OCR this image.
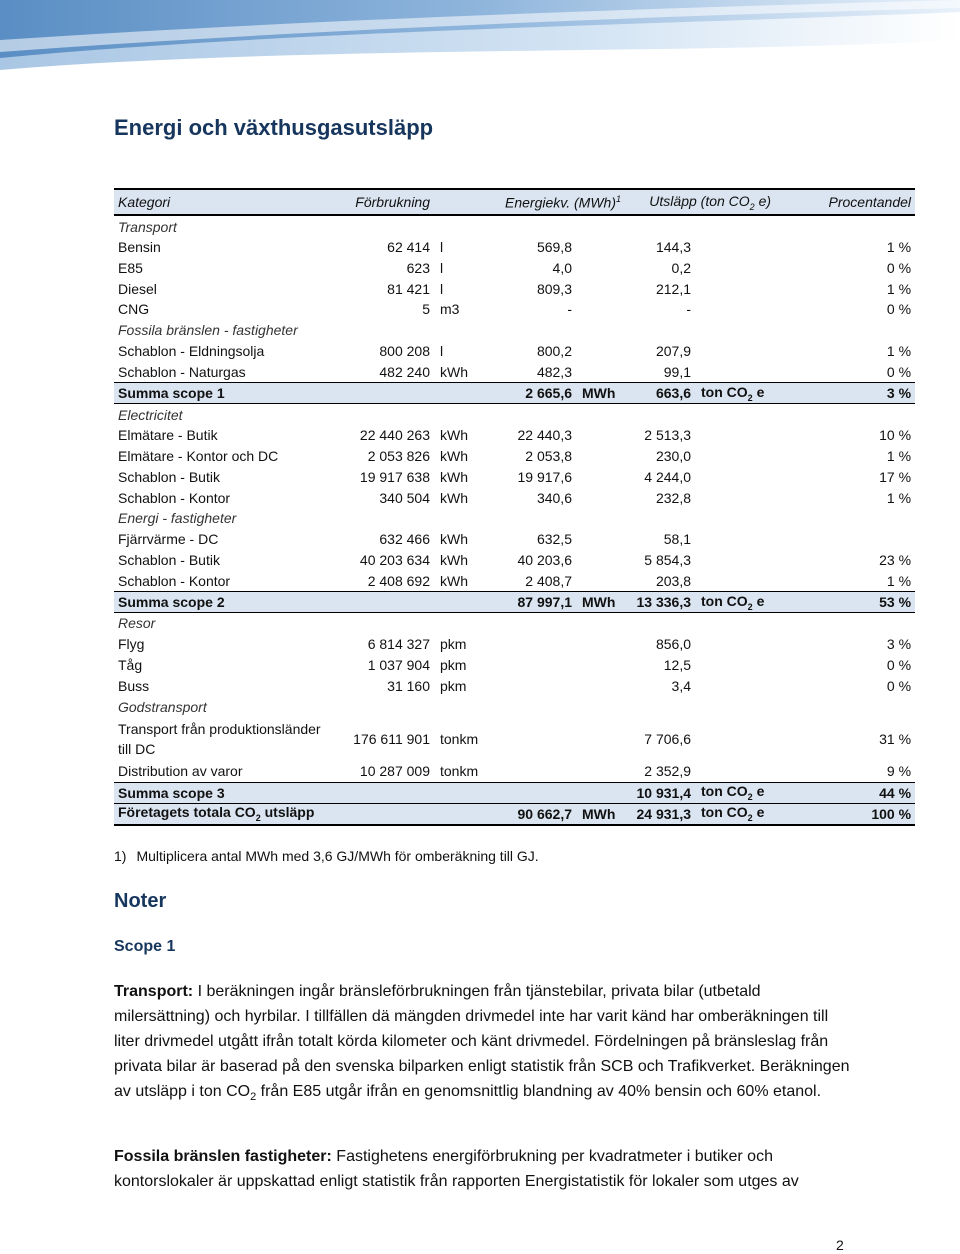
Energi och växthusgasutsläpp
Kategori	Förbrukning	Energiekv. (MWh)$^1$			Utsläpp (ton $CO_2$ e)		Procentandel
Transport							
Bensin	62 414	l	569,8		144,3		1 %
E85	623	l	4,0		0,2		0 %
Diesel	81 421	l	809,3		212,1		1 %
CNG	5	m3	-		-		0 %
Fossila bränslen - fastigheter							
Schablon - Eldningsolja	800 208	l	800,2		207,9		1 %
Schablon - Naturgas	482 240	kWh	482,3		99,1		0 %
Summa scope 1			2 665,6	MWh	663,6	ton $CO_2$ e	3 %
Electricitet							
Elmätare - Butik	22 440 263	kWh	22 440,3		2 513,3		10 %
Elmätare - Kontor och DC	2 053 826	kWh	2 053,8		230,0		1 %
Schablon - Butik	19 917 638	kWh	19 917,6		4 244,0		17 %
Schablon - Kontor	340 504	kWh	340,6		232,8		1 %
Energi - fastigheter							
Fjärrvärme - DC	632 466	kWh	632,5		58,1		
Schablon - Butik	40 203 634	kWh	40 203,6		5 854,3		23 %
Schablon - Kontor	2 408 692	kWh	2 408,7		203,8		1 %
Summa scope 2			87 997,1	MWh	13 336,3	ton $CO_2$ e	53 %
Resor							
Flyg	6 814 327	pkm			856,0		3 %
Tåg	1 037 904	pkm			12,5		0 %
Buss	31 160	pkm			3,4		0 %
Godstransport							
Transport från produktionsländer till DC	176 611 901	tonkm			7 706,6		31 %
Distribution av varor	10 287 009	tonkm			2 352,9		9 %
Summa scope 3					10 931,4	ton $CO_2$ e	44 %
Företagets totala $CO_2$ utsläpp			90 662,7	MWh	24 931,3	ton $CO_2$ e	100 %
1) Multiplicera antal MWh med 3,6 GJ/MWh för omberäkning till GJ.
Noter
Scope 1

Transport: I beräkningen ingår bränsleförbrukningen från tjänstebilar, privata bilar (utbetald milersättning) och hyrbilar. I tillfällen dä mängden drivmedel inte har varit känd har omberäkningen till liter drivmedel utgått ifrån totalt körda kilometer och känt drivmedel. Fördelningen på bränsleslag från privata bilar är baserad på den svenska bilparken enligt statistik från SCB och Trafikverket. Beräkningen av utsläpp i ton $CO_2$ från E85 utgår ifrån en genomsnittlig blandning av 40% bensin och 60% etanol.

Fossila bränslen fastigheter: Fastighetens energiförbrukning per kvadratmeter i butiker och kontorslokaler är uppskattad enligt statistik från rapporten Energistatistik för lokaler som utges av

2
